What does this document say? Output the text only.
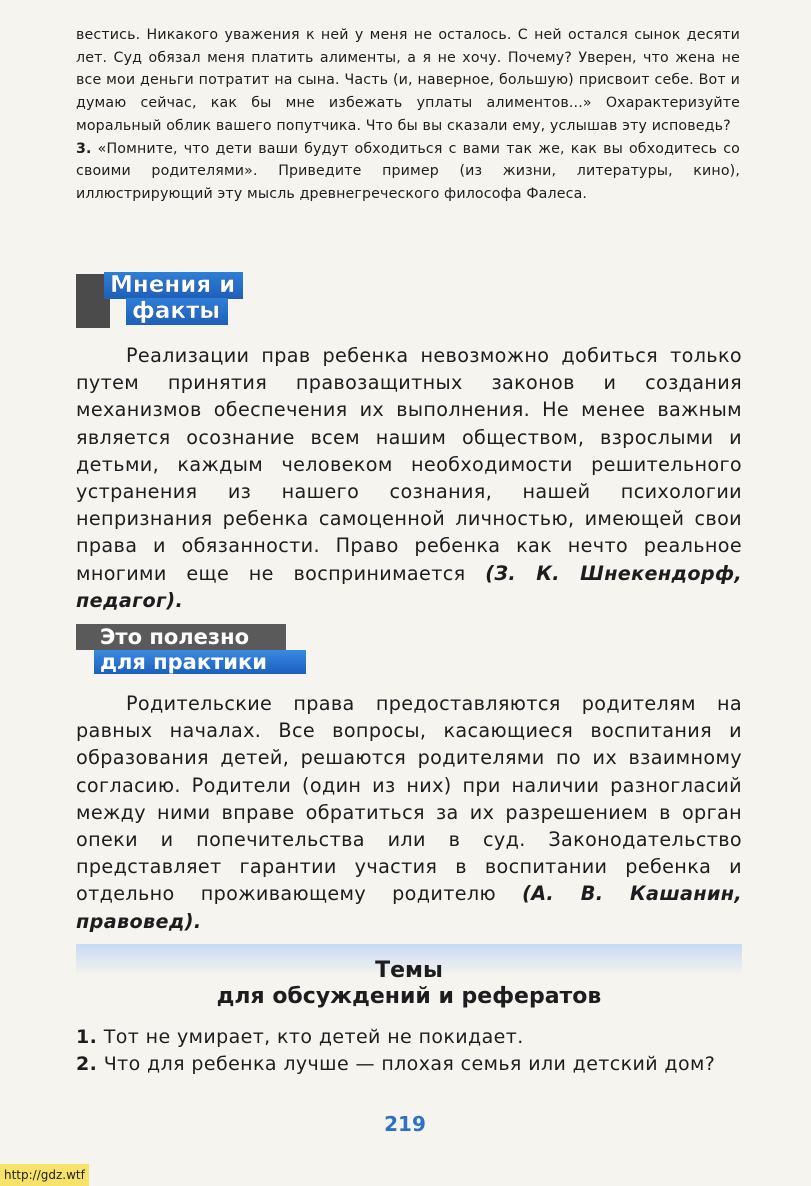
вестись. Никакого уважения к ней у меня не осталось. С ней остался сынок десяти лет. Суд обязал меня платить алименты, а я не хочу. Почему? Уверен, что жена не все мои деньги потратит на сына. Часть (и, наверное, большую) присвоит себе. Вот и думаю сейчас, как бы мне избежать уплаты алиментов...» Охарактеризуйте моральный облик вашего попутчика. Что бы вы сказали ему, услышав эту исповедь?

3. «Помните, что дети ваши будут обходиться с вами так же, как вы обходитесь со своими родителями». Приведите пример (из жизни, литературы, кино), иллюстрирующий эту мысль древнегреческого философа Фалеса.

Мнения и
факты

Реализации прав ребенка невозможно добиться только путем принятия правозащитных законов и создания механизмов обеспечения их выполнения. Не менее важным является осознание всем нашим обществом, взрослыми и детьми, каждым человеком необходимости решительного устранения из нашего сознания, нашей психологии непризнания ребенка самоценной личностью, имеющей свои права и обязанности. Право ребенка как нечто реальное многими еще не воспринимается (З. К. Шнекендорф, педагог).

Это полезно
для практики

Родительские права предоставляются родителям на равных началах. Все вопросы, касающиеся воспитания и образования детей, решаются родителями по их взаимному согласию. Родители (один из них) при наличии разногласий между ними вправе обратиться за их разрешением в орган опеки и попечительства или в суд. Законодательство представляет гарантии участия в воспитании ребенка и отдельно проживающему родителю (А. В. Кашанин, правовед).

Темы
для обсуждений и рефератов

1. Тот не умирает, кто детей не покидает.

2. Что для ребенка лучше — плохая семья или детский дом?

219
http://gdz.wtf
